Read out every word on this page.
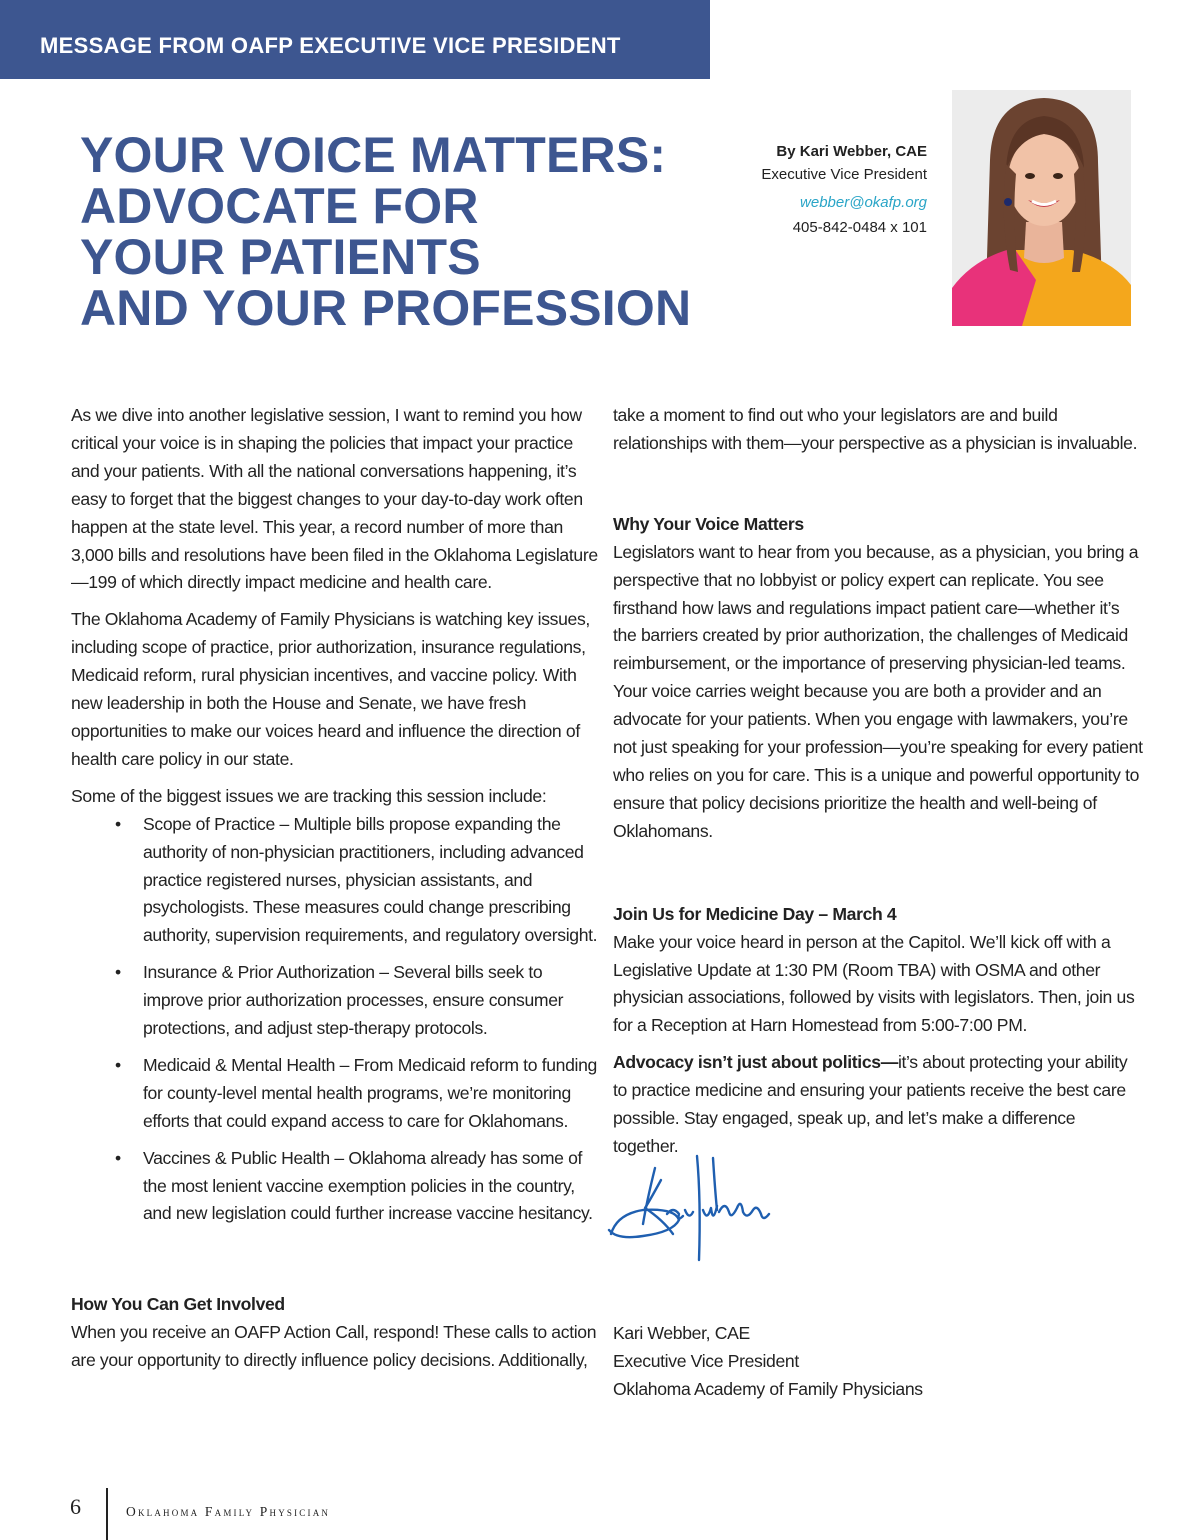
MESSAGE FROM OAFP EXECUTIVE VICE PRESIDENT
YOUR VOICE MATTERS:
ADVOCATE FOR
YOUR PATIENTS
AND YOUR PROFESSION
By Kari Webber, CAE
Executive Vice President
webber@okafp.org
405-842-0484 x 101

As we dive into another legislative session, I want to remind you how critical your voice is in shaping the policies that impact your practice and your patients. With all the national conversations happening, it’s easy to forget that the biggest changes to your day-to-day work often happen at the state level. This year, a record number of more than 3,000 bills and resolutions have been filed in the Oklahoma Legislature—199 of which directly impact medicine and health care.

The Oklahoma Academy of Family Physicians is watching key issues, including scope of practice, prior authorization, insurance regulations, Medicaid reform, rural physician incentives, and vaccine policy. With new leadership in both the House and Senate, we have fresh opportunities to make our voices heard and influence the direction of health care policy in our state.

Some of the biggest issues we are tracking this session include:

• Scope of Practice – Multiple bills propose expanding the authority of non-physician practitioners, including advanced practice registered nurses, physician assistants, and psychologists. These measures could change prescribing authority, supervision requirements, and regulatory oversight.
• Insurance & Prior Authorization – Several bills seek to improve prior authorization processes, ensure consumer protections, and adjust step-therapy protocols.
• Medicaid & Mental Health – From Medicaid reform to funding for county-level mental health programs, we’re monitoring efforts that could expand access to care for Oklahomans.
• Vaccines & Public Health – Oklahoma already has some of the most lenient vaccine exemption policies in the country, and new legislation could further increase vaccine hesitancy.
How You Can Get Involved

When you receive an OAFP Action Call, respond! These calls to action are your opportunity to directly influence policy decisions. Additionally,

take a moment to find out who your legislators are and build relationships with them—your perspective as a physician is invaluable.

Why Your Voice Matters

Legislators want to hear from you because, as a physician, you bring a perspective that no lobbyist or policy expert can replicate. You see firsthand how laws and regulations impact patient care—whether it’s the barriers created by prior authorization, the challenges of Medicaid reimbursement, or the importance of preserving physician-led teams. Your voice carries weight because you are both a provider and an advocate for your patients. When you engage with lawmakers, you’re not just speaking for your profession—you’re speaking for every patient who relies on you for care. This is a unique and powerful opportunity to ensure that policy decisions prioritize the health and well-being of Oklahomans.

Join Us for Medicine Day – March 4

Make your voice heard in person at the Capitol. We’ll kick off with a Legislative Update at 1:30 PM (Room TBA) with OSMA and other physician associations, followed by visits with legislators. Then, join us for a Reception at Harn Homestead from 5:00-7:00 PM.

Advocacy isn’t just about politics—it’s about protecting your ability to practice medicine and ensuring your patients receive the best care possible. Stay engaged, speak up, and let’s make a difference together.

Kari Webber, CAE
Executive Vice President
Oklahoma Academy of Family Physicians
6	Oklahoma Family Physician
